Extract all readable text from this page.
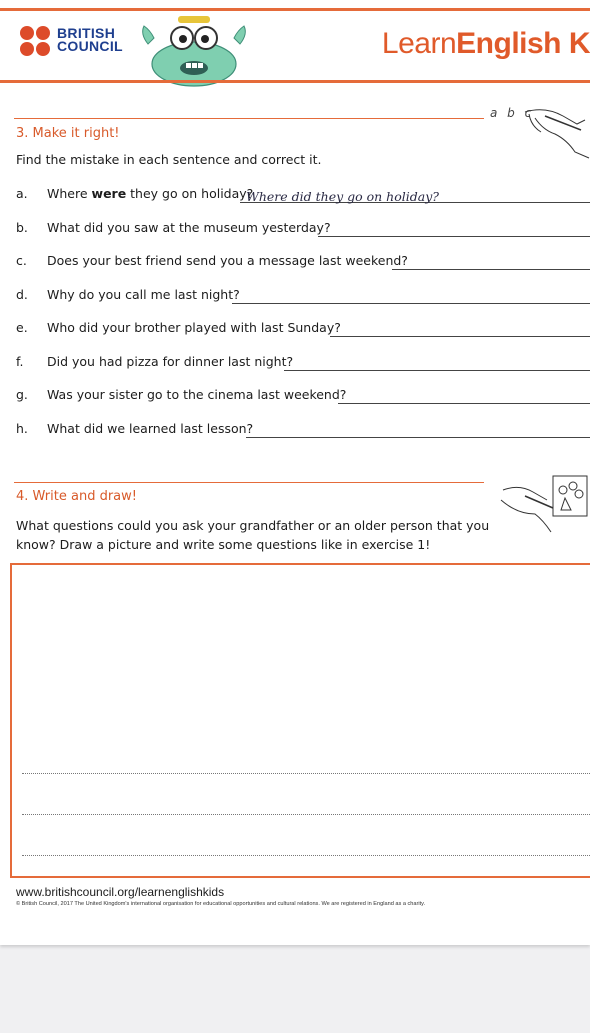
BRITISH
COUNCIL	LearnEnglish K
a b c
3. Make it right!
Find the mistake in each sentence and correct it.
a. Where were they go on holiday?
Where did they go on holiday?
b. What did you saw at the museum yesterday?
c. Does your best friend send you a message last weekend?
d. Why do you call me last night?
e. Who did your brother played with last Sunday?
f. Did you had pizza for dinner last night?
g. Was your sister go to the cinema last weekend?
h. What did we learned last lesson?
4. Write and draw!
What questions could you ask your grandfather or an older person that you
know? Draw a picture and write some questions like in exercise 1!
www.britishcouncil.org/learnenglishkids
© British Council, 2017 The United Kingdom's international organisation for educational opportunities and cultural relations. We are registered in England as a charity.
